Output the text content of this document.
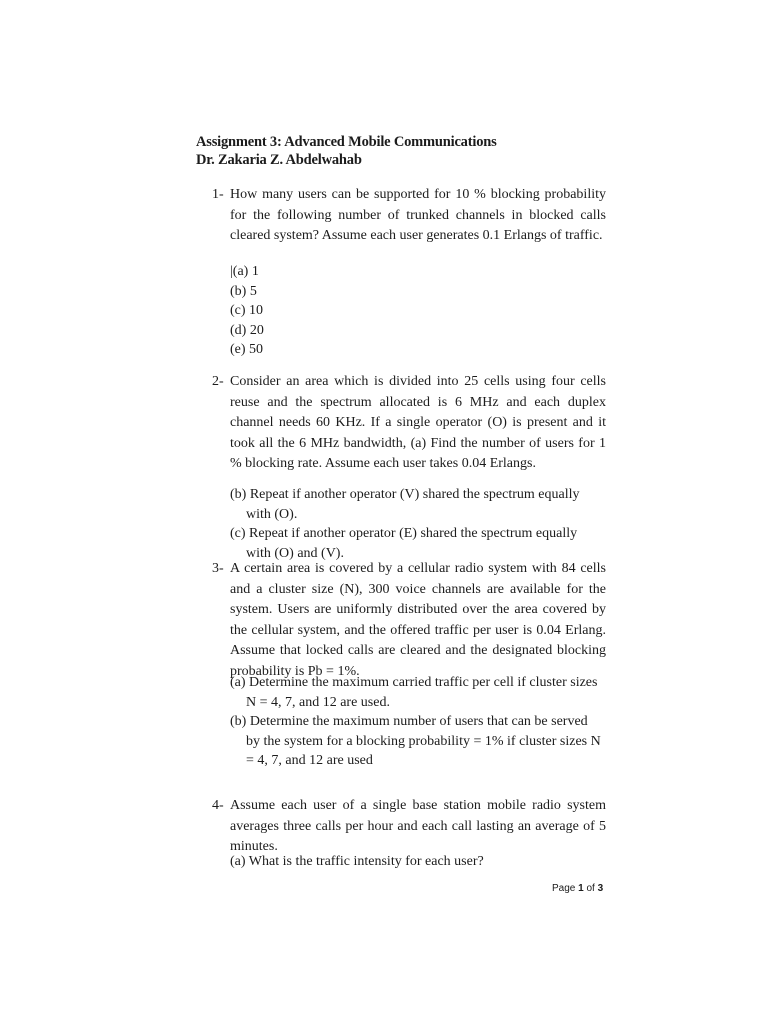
Assignment 3: Advanced Mobile Communications
Dr. Zakaria Z. Abdelwahab
1- How many users can be supported for 10 % blocking probability for the following number of trunked channels in blocked calls cleared system? Assume each user generates 0.1 Erlangs of traffic.
|(a) 1
(b) 5
(c) 10
(d) 20
(e) 50
2- Consider an area which is divided into 25 cells using four cells reuse and the spectrum allocated is 6 MHz and each duplex channel needs 60 KHz. If a single operator (O) is present and it took all the 6 MHz bandwidth, (a) Find the number of users for 1 % blocking rate. Assume each user takes 0.04 Erlangs.
(b) Repeat if another operator (V) shared the spectrum equally with (O).
(c) Repeat if another operator (E) shared the spectrum equally with (O) and (V).
3- A certain area is covered by a cellular radio system with 84 cells and a cluster size (N), 300 voice channels are available for the system. Users are uniformly distributed over the area covered by the cellular system, and the offered traffic per user is 0.04 Erlang. Assume that locked calls are cleared and the designated blocking probability is Pb = 1%.
(a) Determine the maximum carried traffic per cell if cluster sizes N = 4, 7, and 12 are used.
(b) Determine the maximum number of users that can be served by the system for a blocking probability = 1% if cluster sizes N = 4, 7, and 12 are used
4- Assume each user of a single base station mobile radio system averages three calls per hour and each call lasting an average of 5 minutes.
(a) What is the traffic intensity for each user?
Page 1 of 3
